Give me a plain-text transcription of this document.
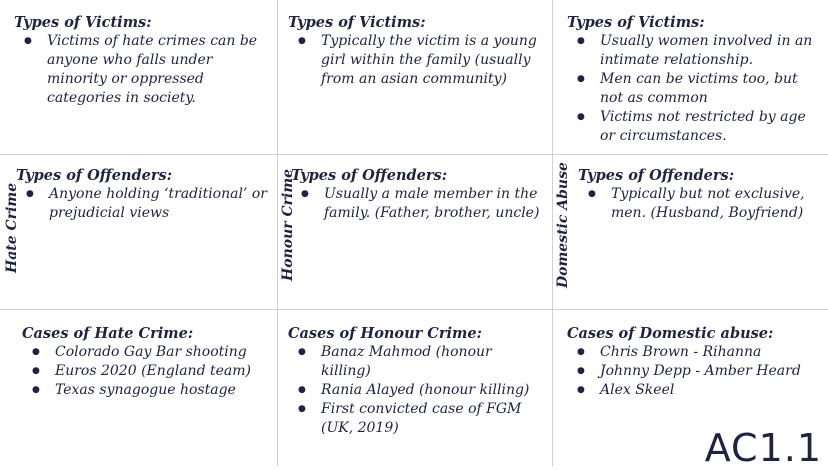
Types of Victims:
● Victims of hate crimes can be anyone who falls under minority or oppressed categories in society.
Types of Victims:
● Typically the victim is a young girl within the family (usually from an asian community)
Types of Victims:
● Usually women involved in an intimate relationship.
● Men can be victims too, but not as common
● Victims not restricted by age or circumstances.
Hate Crime
Types of Offenders:
● Anyone holding ‘traditional’ or prejudicial views	Honour Crime
Types of Offenders:
● Usually a male member in the family. (Father, brother, uncle)	Domestic Abuse Types of Offenders:
● Typically but not exclusive, men. (Husband, Boyfriend)
Cases of Hate Crime:
● Colorado Gay Bar shooting
● Euros 2020 (England team)
● Texas synagogue hostage
Cases of Honour Crime:
● Banaz Mahmod (honour killing)
● Rania Alayed (honour killing)
● First convicted case of FGM (UK, 2019)
Cases of Domestic abuse:
● Chris Brown - Rihanna
● Johnny Depp - Amber Heard
● Alex Skeel
AC1.1
